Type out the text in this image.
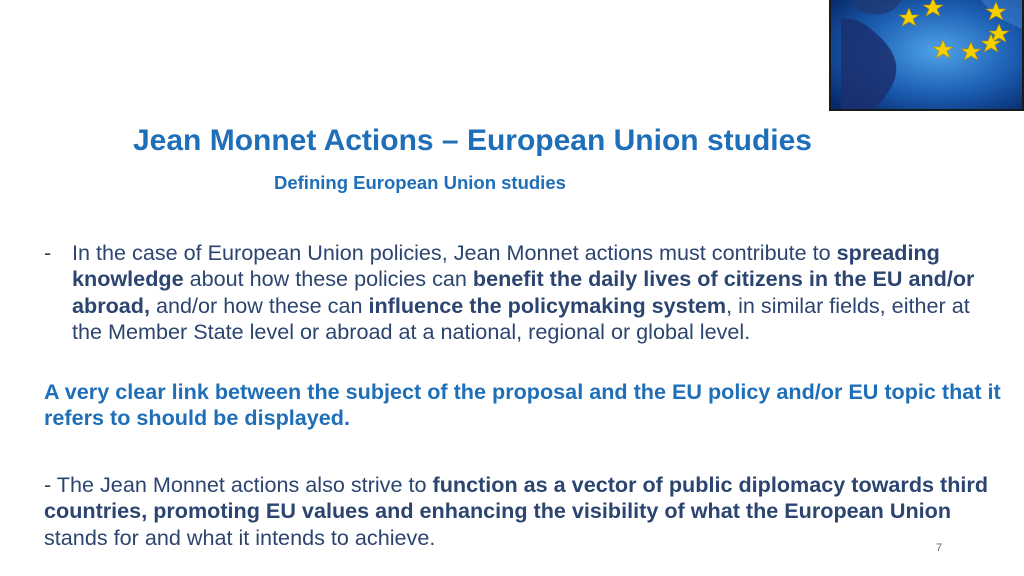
Jean Monnet Actions – European Union studies
Defining European Union studies
- In the case of European Union policies, Jean Monnet actions must contribute to spreading knowledge about how these policies can benefit the daily lives of citizens in the EU and/or abroad, and/or how these can influence the policymaking system, in similar fields, either at the Member State level or abroad at a national, regional or global level.
A very clear link between the subject of the proposal and the EU policy and/or EU topic that it refers to should be displayed.
- The Jean Monnet actions also strive to function as a vector of public diplomacy towards third countries, promoting EU values and enhancing the visibility of what the European Union stands for and what it intends to achieve.	7
